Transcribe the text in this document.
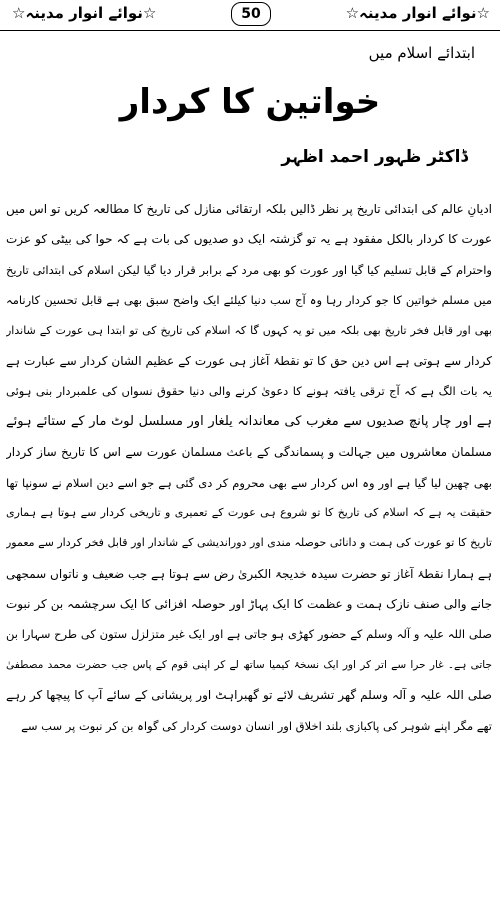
☆نوائے انوار مدینہ☆	50	☆نوائے انوار مدینہ☆
ابتدائے اسلام میں
خواتین کا کردار
ڈاکٹر ظہور احمد اظہر
ادیانِ عالم کی ابتدائی تاریخ پر نظر ڈالیں بلکہ ارتقائی منازل کی تاریخ کا مطالعہ کریں تو اس میں
عورت کا کردار بالکل مفقود ہے یہ تو گزشتہ ایک دو صدیوں کی بات ہے کہ حوا کی بیٹی کو عزت
واحترام کے قابل تسلیم کیا گیا اور عورت کو بھی مرد کے برابر قرار دیا گیا لیکن اسلام کی ابتدائی تاریخ
میں مسلم خواتین کا جو کردار رہا وہ آج سب دنیا کیلئے ایک واضح سبق بھی ہے قابل تحسین کارنامہ
بھی اور قابل فخر تاریخ بھی بلکہ میں تو یہ کہوں گا کہ اسلام کی تاریخ کی تو ابتدا ہی عورت کے شاندار
کردار سے ہوتی ہے اس دین حق کا تو نقطۂ آغاز ہی عورت کے عظیم الشان کردار سے عبارت ہے
یہ بات الگ ہے کہ آج ترقی یافتہ ہونے کا دعویٰ کرنے والی دنیا حقوق نسواں کی علمبردار بنی ہوئی
ہے اور چار پانچ صدیوں سے مغرب کی معاندانہ یلغار اور مسلسل لوٹ مار کے ستائے ہوئے
مسلمان معاشروں میں جہالت و پسماندگی کے باعث مسلمان عورت سے اس کا تاریخ ساز کردار
بھی چھین لیا گیا ہے اور وہ اس کردار سے بھی محروم کر دی گئی ہے جو اسے دین اسلام نے سونپا تھا
حقیقت یہ ہے کہ اسلام کی تاریخ کا تو شروع ہی عورت کے تعمیری و تاریخی کردار سے ہوتا ہے ہماری
تاریخ کا تو عورت کی ہمت و دانائی حوصلہ مندی اور دوراندیشی کے شاندار اور قابل فخر کردار سے معمور
ہے ہمارا نقطۂ آغاز تو حضرت سیدہ خدیجۃ الکبریٰ رض سے ہوتا ہے جب ضعیف و ناتواں سمجھی
جانے والی صنف نازک ہمت و عظمت کا ایک پہاڑ اور حوصلہ افزائی کا ایک سرچشمہ بن کر نبوت
صلی اللہ علیہ و آلہ وسلم کے حضور کھڑی ہو جاتی ہے اور ایک غیر متزلزل ستون کی طرح سہارا بن
جاتی ہے۔ غار حرا سے اتر کر اور ایک نسخۂ کیمیا ساتھ لے کر اپنی قوم کے پاس جب حضرت محمد مصطفیٰ
صلی اللہ علیہ و آلہ وسلم گھر تشریف لائے تو گھبراہٹ اور پریشانی کے سائے آپ کا پیچھا کر رہے
تھے مگر اپنے شوہر کی پاکبازی بلند اخلاق اور انسان دوست کردار کی گواہ بن کر نبوت پر سب سے
